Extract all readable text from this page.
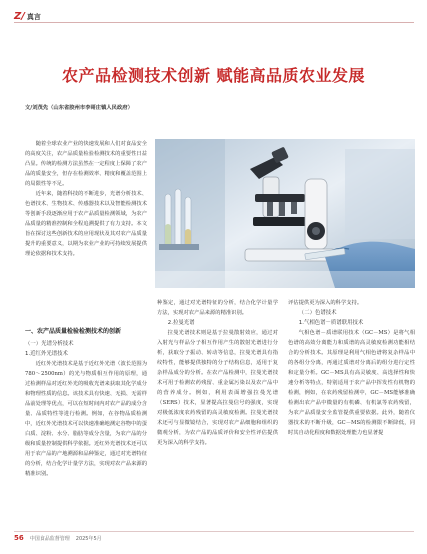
Z/ 真言
农产品检测技术创新 赋能高品质农业发展
文/刘茂先（山东省胶州市李哥庄镇人民政府）

随着全球农业产业的快速发展和人们对食品安全的高度关注，农产品质量检验检测技术的重要性日益凸显。传统的检测方法虽然在一定程度上保障了农产品的质量安全，但存在检测效率、精度和覆盖范围上的局限性等不足。

近年来，随着科技的不断进步，光谱分析技术、色谱技术、生物技术、传感器技术以及智能检测技术等创新手段逐渐应用于农产品质量检测领域，为农产品质量的精准控制和全程追溯提供了有力支持。本文旨在探讨这些创新技术的应用现状及其对农产品质量提升的重要意义，以期为农业产业的可持续发展提供理论依据和技术支持。

一、农产品质量检验检测技术的创新

（一）光谱分析技术

1.近红外光谱技术

近红外光谱技术是基于近红外光谱（波长范围为780～2500nm）的光与物质相互作用的原理，通过检测样品对近红外光的吸收光谱来获取其化学成分和物理性质的信息。该技术具有快速、无损、无需样品前处理等优点，可以在短时间内对农产品的成分含量、品质特性等进行检测。例如，在谷物品质检测中，近红外光谱技术可以快速准确地测定谷物中的蛋白质、淀粉、水分、脂肪等成分含量，为农产品的分级和质量控制提供科学依据。近红外光谱技术还可以用于农产品的产地溯源和品种鉴定，通过对光谱特征的分析，结合化学计量学方法，实现对农产品来源的精准识别。

种鉴定，通过对光谱特征的分析，结合化学计量学方法，实现对农产品来源的精准识别。

2.拉曼光谱

拉曼光谱技术则是基于拉曼散射效应，通过对入射光与样品分子相互作用产生的散射光谱进行分析，获取分子振动、转动等信息，拉曼光谱具有指纹特性，能够提供独特的分子结构信息，适用于复杂样品成分的分析。在农产品检测中，拉曼光谱技术可用于检测农药残留、重金属污染以及农产品中的营养成分。例如，利用表面增强拉曼光谱（SERS）技术，显著提高拉曼信号的强度，实现对极低浓度农药残留的高灵敏度检测。拉曼光谱技术还可与显微镜结合，实现对农产品细胞和组织的微观分析，为农产品的品质评价和安全性评估提供更为深入的科学支持。

评估提供更为深入的科学支持。

（二）色谱技术

1.气相色谱－质谱联用技术

气相色谱－质谱联用技术（GC－MS）是将气相色谱的高效分离能力和质谱的高灵敏度检测功能相结合的分析技术。其原理是利用气相色谱将复杂样品中的各组分分离，再通过质谱对分离后的组分进行定性和定量分析。GC－MS具有高灵敏度、高选择性和快速分析等特点，特别适用于农产品中挥发性有机物的检测，例如，在农药残留检测中，GC－MS能够准确检测出农产品中微量的有机磷、有机氯等农药残留，为农产品质量安全监管提供重要依据。此外，随着仪器技术的不断升级，GC－MS的检测限不断降低，同时其自动化程度和数据处理能力也显著提

56 中国食品监督管理 2025年5月
